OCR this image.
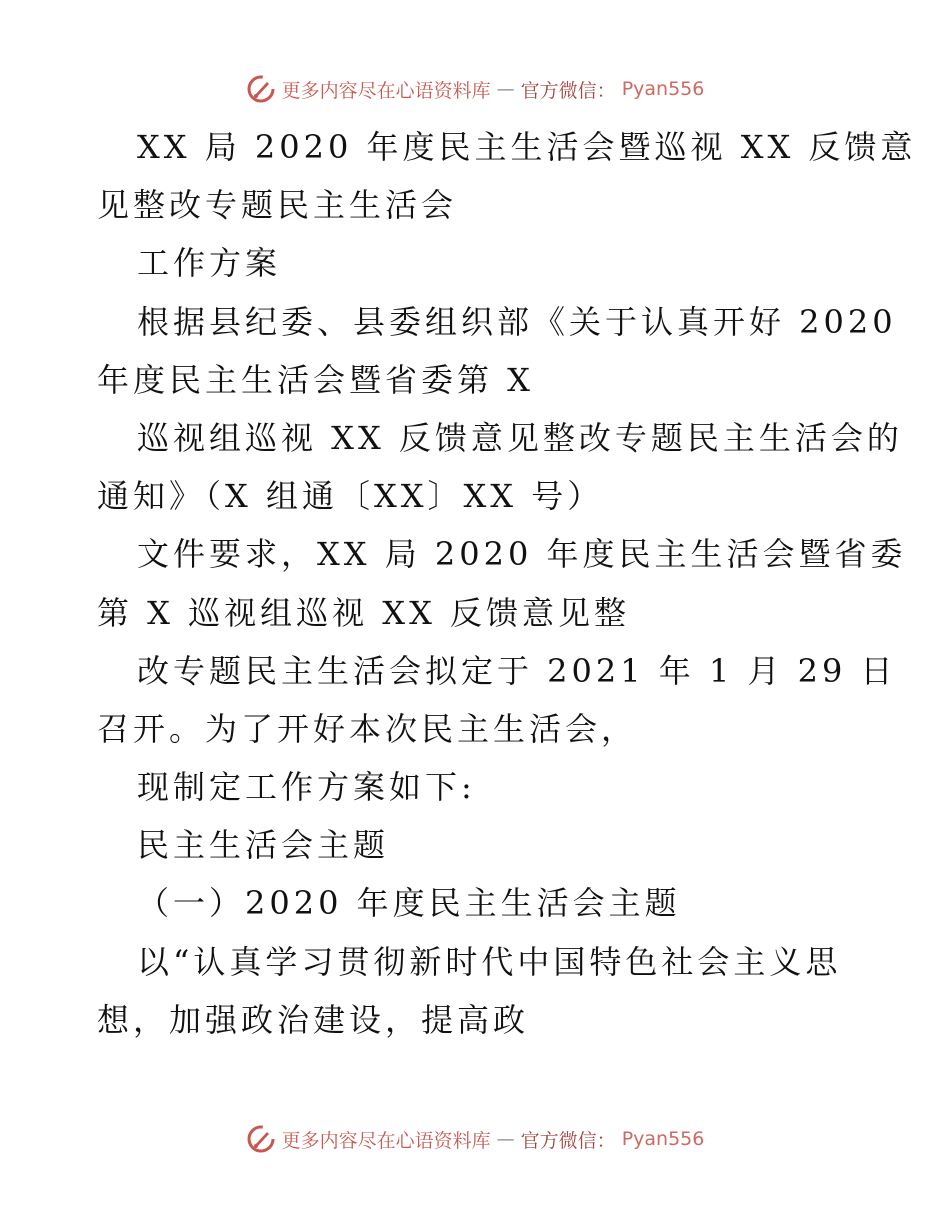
更多内容尽在心语资料库 — 官方微信： Pyan556
XX 局 2020 年度民主生活会暨巡视 XX 反馈意
见整改专题民主生活会
工作方案
根据县纪委、县委组织部《关于认真开好 2020
年度民主生活会暨省委第 X
巡视组巡视 XX 反馈意见整改专题民主生活会的
通知》（X 组通〔XX〕XX 号）
文件要求，XX 局 2020 年度民主生活会暨省委
第 X 巡视组巡视 XX 反馈意见整
改专题民主生活会拟定于 2021 年 1 月 29 日
召开。为了开好本次民主生活会，
现制定工作方案如下:
民主生活会主题
（一）2020 年度民主生活会主题
以“认真学习贯彻新时代中国特色社会主义思
想，加强政治建设，提高政
更多内容尽在心语资料库 — 官方微信： Pyan556
